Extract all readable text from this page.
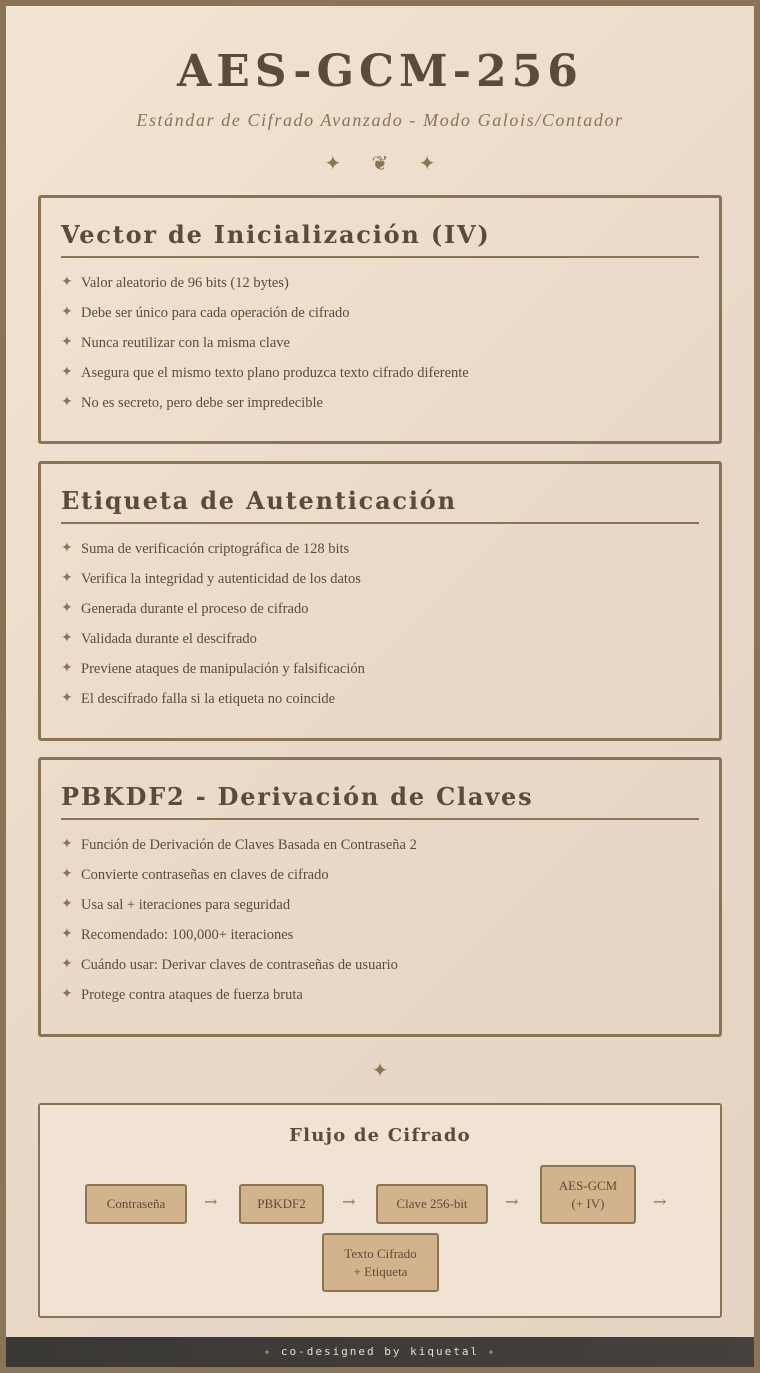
AES-GCM-256
Estándar de Cifrado Avanzado - Modo Galois/Contador
✦ ❦ ✦
Vector de Inicialización (IV)
✦ Valor aleatorio de 96 bits (12 bytes)
✦ Debe ser único para cada operación de cifrado
✦ Nunca reutilizar con la misma clave
✦ Asegura que el mismo texto plano produzca texto cifrado diferente
✦ No es secreto, pero debe ser impredecible
Etiqueta de Autenticación
✦ Suma de verificación criptográfica de 128 bits
✦ Verifica la integridad y autenticidad de los datos
✦ Generada durante el proceso de cifrado
✦ Validada durante el descifrado
✦ Previene ataques de manipulación y falsificación
✦ El descifrado falla si la etiqueta no coincide
PBKDF2 - Derivación de Claves
✦ Función de Derivación de Claves Basada en Contraseña 2
✦ Convierte contraseñas en claves de cifrado
✦ Usa sal + iteraciones para seguridad
✦ Recomendado: 100,000+ iteraciones
✦ Cuándo usar: Derivar claves de contraseñas de usuario
✦ Protege contra ataques de fuerza bruta
✦
Flujo de Cifrado
Contraseña →	PBKDF2 →	Clave 256-bit →
AES-GCM
(+ IV)	→
Texto Cifrado
+ Etiqueta
✦ co-designed by kiquetal ✦
